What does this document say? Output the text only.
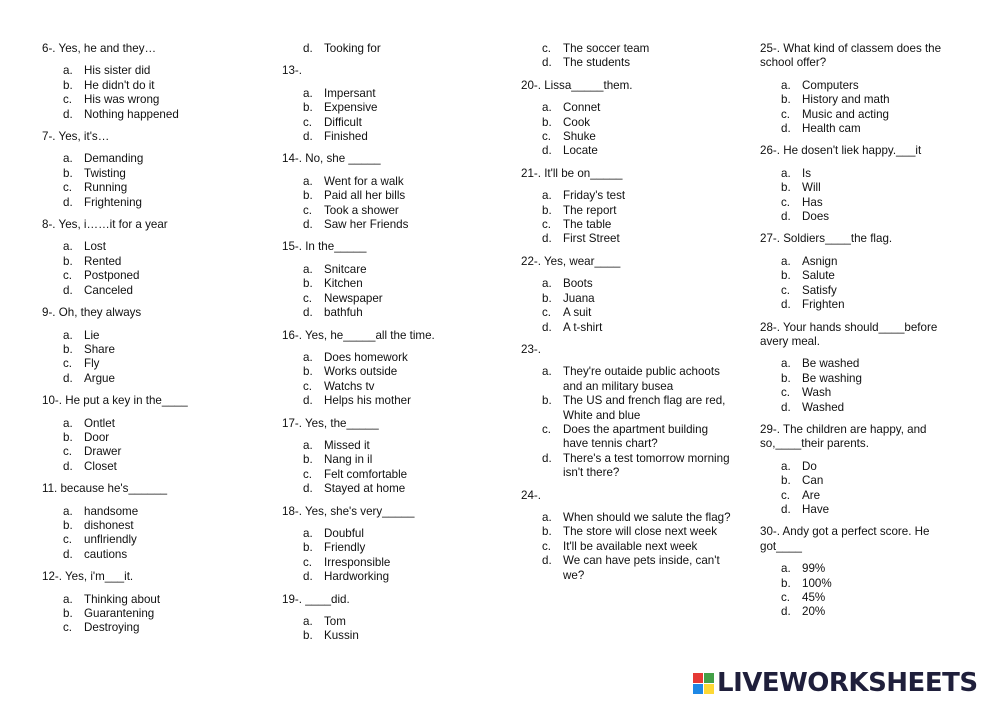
6-. Yes, he and they…
a. His sister did
b. He didn't do it
c.	His was wrong
d. Nothing happened
7-. Yes, it's…
a. Demanding
b. Twisting
c.	Running
d. Frightening
8-. Yes, i……it for a year
a. Lost
b. Rented
c.	Postponed
d. Canceled
9-. Oh, they always
a. Lie
b. Share
c.	Fly
d. Argue
10-. He put a key in the____
a. Ontlet
b. Door
c.	Drawer
d. Closet
11. because he's______
a. handsome
b. dishonest
c.	unflriendly
d. cautions
12-. Yes, i'm___it.
a. Thinking about
b. Guarantening
c.	Destroying
d. Tooking for
13-.
a. Impersant
b. Expensive
c.	Difficult
d. Finished
14-. No, she _____
a. Went for a walk
b. Paid all her bills
c.	Took a shower
d. Saw her Friends
15-. In the_____
a. Snitcare
b. Kitchen
c.	Newspaper
d. bathfuh
16-. Yes, he_____all the time.
a. Does homework
b. Works outside
c.	Watchs tv
d. Helps his mother
17-. Yes, the_____
a. Missed it
b. Nang in il
c.	Felt comfortable
d. Stayed at home
18-. Yes, she's very_____
a. Doubful
b. Friendly
c.	Irresponsible
d. Hardworking
19-. ____did.
a. Tom
b. Kussin
c.	The soccer team
d. The students
20-. Lissa_____them.
a. Connet
b. Cook
c.	Shuke
d. Locate
21-. It'll be on_____
a. Friday's test
b. The report
c.	The table
d. First Street
22-. Yes, wear____
a. Boots
b. Juana
c.	A suit
d. A t-shirt
23-.
a. They're outaide public achoots and an military busea
b. The US and french flag are red, White and blue
c.	Does the apartment building have tennis chart?
d. There's a test tomorrow morning isn't there?
24-.
a. When should we salute the flag?
b. The store will close next week
c.	It'll be available next week
d. We can have pets inside, can't we?
25-. What kind of classem does the school offer?
a. Computers
b. History and math
c.	Music and acting
d. Health cam
26-. He dosen't liek happy.___it
a. Is
b. Will
c.	Has
d. Does
27-. Soldiers____the flag.
a. Asnign
b. Salute
c.	Satisfy
d. Frighten
28-. Your hands should____before avery meal.
a. Be washed
b. Be washing
c.	Wash
d. Washed
29-. The children are happy, and so,____their parents.
a. Do
b. Can
c.	Are
d. Have
30-. Andy got a perfect score. He got____
a. 99%
b. 100%
c.	45%
d. 20%
LIVEWORKSHEETS
